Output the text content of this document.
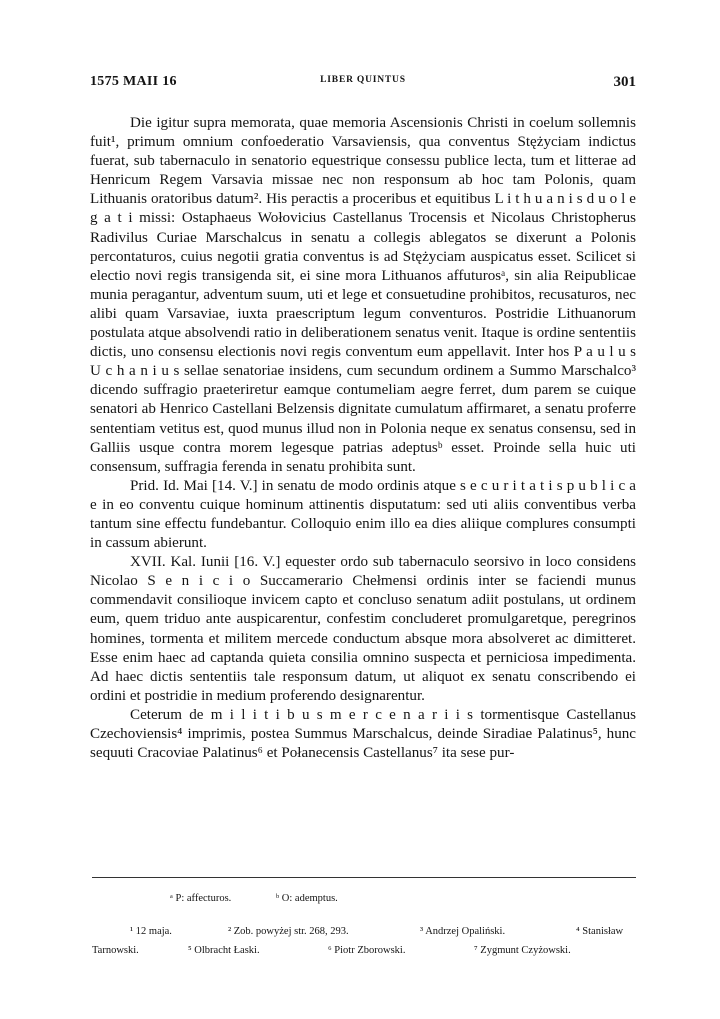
1575 MAII 16	LIBER QUINTUS	301

Die igitur supra memorata, quae memoria Ascensionis Christi in coelum sollemnis fuit¹, primum omnium confoederatio Varsaviensis, qua conventus Stężyciam indictus fuerat, sub tabernaculo in senatorio equestrique consessu publice lecta, tum et litterae ad Henricum Regem Varsavia missae nec non responsum ab hoc tam Polonis, quam Lithuanis oratoribus datum². His peractis a proceribus et equitibus L i t h u a n i s d u o l e g a t i missi: Ostaphaeus Wołovicius Castellanus Trocensis et Nicolaus Christopherus Radivilus Curiae Marschalcus in senatu a collegis ablegatos se dixerunt a Polonis percontaturos, cuius negotii gratia conventus is ad Stężyciam auspicatus esset. Scilicet si electio novi regis transigenda sit, ei sine mora Lithuanos affuturosᵃ, sin alia Reipublicae munia peragantur, adventum suum, uti et lege et consuetudine prohibitos, recusaturos, nec alibi quam Varsaviae, iuxta praescriptum legum conventuros. Postridie Lithuanorum postulata atque absolvendi ratio in deliberationem senatus venit. Itaque is ordine sententiis dictis, uno consensu electionis novi regis conventum eum appellavit. Inter hos P a u l u s U c h a n i u s sellae senatoriae insidens, cum secundum ordinem a Summo Marschalco³ dicendo suffragio praeteriretur eamque contumeliam aegre ferret, dum parem se cuique senatori ab Henrico Castellani Belzensis dignitate cumulatum affirmaret, a senatu proferre sententiam vetitus est, quod munus illud non in Polonia neque ex senatus consensu, sed in Galliis usque contra morem legesque patrias adeptusᵇ esset. Proinde sella huic uti consensum, suffragia ferenda in senatu prohibita sunt.

Prid. Id. Mai [14. V.] in senatu de modo ordinis atque s e c u r i t a t i s p u b l i c a e in eo conventu cuique hominum attinentis disputatum: sed uti aliis conventibus verba tantum sine effectu fundebantur. Colloquio enim illo ea dies aliique complures consumpti in cassum abierunt.

XVII. Kal. Iunii [16. V.] equester ordo sub tabernaculo seorsivo in loco considens Nicolao S e n i c i o Succamerario Chełmensi ordinis inter se faciendi munus commendavit consilioque invicem capto et concluso senatum adiit postulans, ut ordinem eum, quem triduo ante auspicarentur, confestim concluderet promulgaretque, peregrinos homines, tormenta et militem mercede conductum absque mora absolveret ac dimitteret. Esse enim haec ad captanda quieta consilia omnino suspecta et perniciosa impedimenta. Ad haec dictis sententiis tale responsum datum, ut aliquot ex senatu conscribendo ei ordini et postridie in medium proferendo designarentur.

Ceterum de m i l i t i b u s m e r c e n a r i i s tormentisque Castellanus Czechoviensis⁴ imprimis, postea Summus Marschalcus, deinde Siradiae Palatinus⁵, hunc sequuti Cracoviae Palatinus⁶ et Połanecensis Castellanus⁷ ita sese pur-

ᵃ P: affecturos.	ᵇ O: ademptus.
¹ 12 maja.	² Zob. powyżej str. 268, 293.	³ Andrzej Opaliński.	⁴ Stanisław
Tarnowski.	⁵ Olbracht Łaski.	⁶ Piotr Zborowski.	⁷ Zygmunt Czyżowski.
